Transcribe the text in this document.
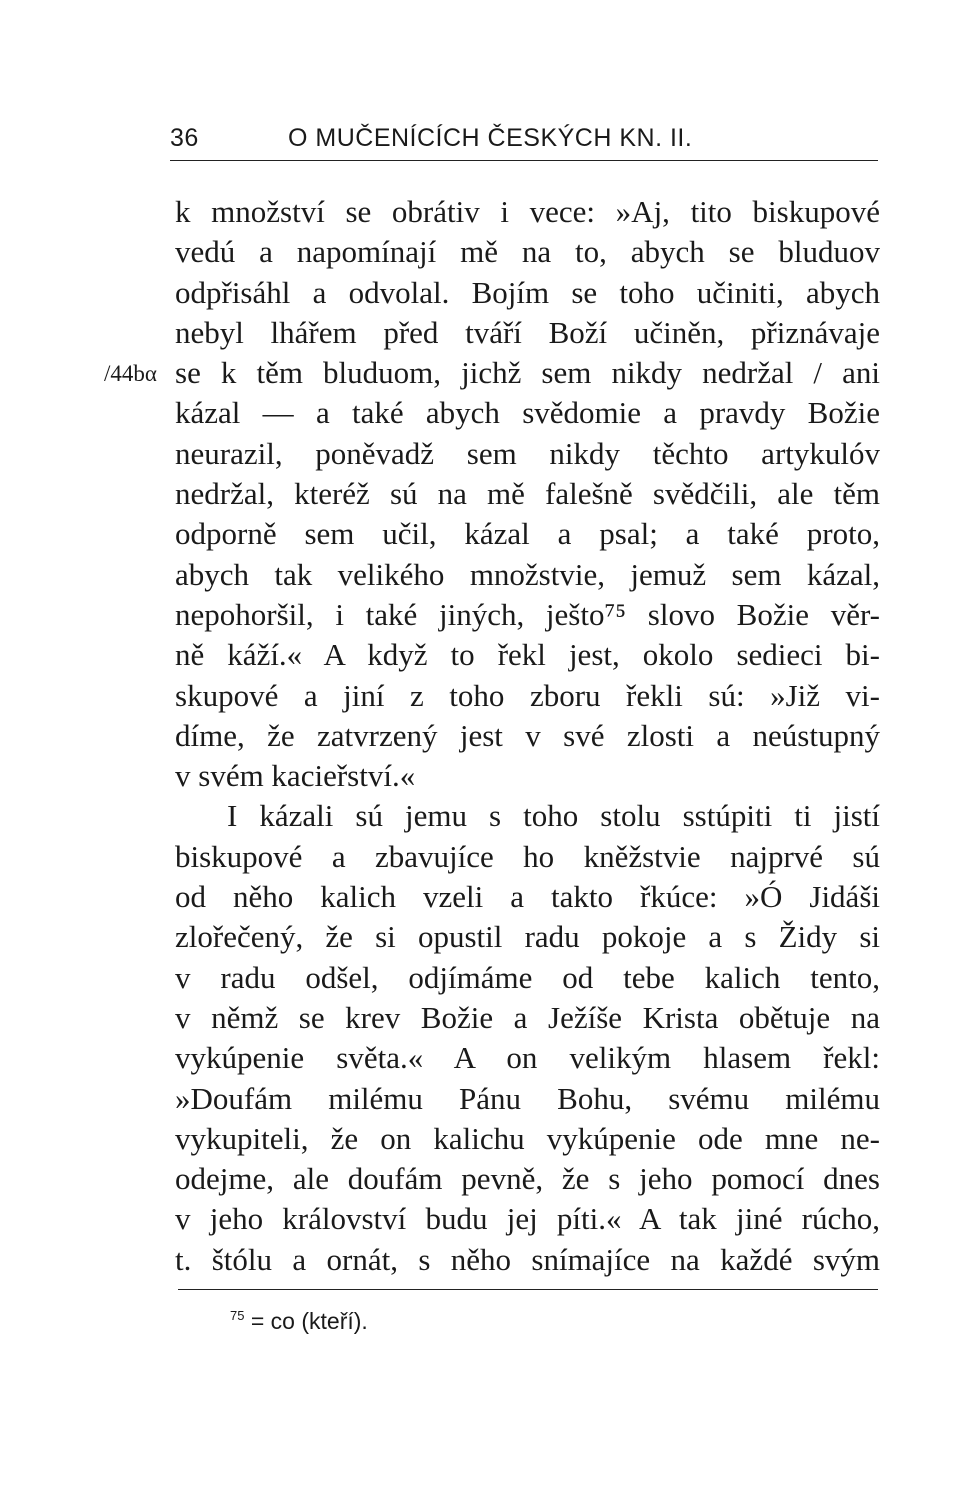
36	O MUČENÍCÍCH ČESKÝCH KN. II.
/44bα
k množství se obrátiv i vece: »Aj, tito biskupové
vedú a napomínají mě na to, abych se bluduov
odpřisáhl a odvolal. Bojím se toho učiniti, abych
nebyl lhářem před tváří Boží učiněn, přiznávaje
se k těm bluduom, jichž sem nikdy nedržal / ani
kázal — a také abych svědomie a pravdy Božie
neurazil, poněvadž sem nikdy těchto artykulóv
nedržal, kteréž sú na mě falešně svědčili, ale těm
odporně sem učil, kázal a psal; a také proto,
abych tak velikého množstvie, jemuž sem kázal,
nepohoršil, i také jiných, ješto⁷⁵ slovo Božie věr-
ně káží.« A když to řekl jest, okolo sedieci bi-
skupové a jiní z toho zboru řekli sú: »Již vi-
díme, že zatvrzený jest v své zlosti a neústupný
v svém kacieřství.«
I kázali sú jemu s toho stolu sstúpiti ti jistí
biskupové a zbavujíce ho kněžstvie najprvé sú
od něho kalich vzeli a takto řkúce: »Ó Jidáši
zlořečený, že si opustil radu pokoje a s Židy si
v radu odšel, odjímáme od tebe kalich tento,
v němž se krev Božie a Ježíše Krista obětuje na
vykúpenie světa.« A on velikým hlasem řekl:
»Doufám milému Pánu Bohu, svému milému
vykupiteli, že on kalichu vykúpenie ode mne ne-
odejme, ale doufám pevně, že s jeho pomocí dnes
v jeho království budu jej píti.« A tak jiné rúcho,
t. štólu a ornát, s něho snímajíce na každé svým
$^{75}$ = co (kteří).
